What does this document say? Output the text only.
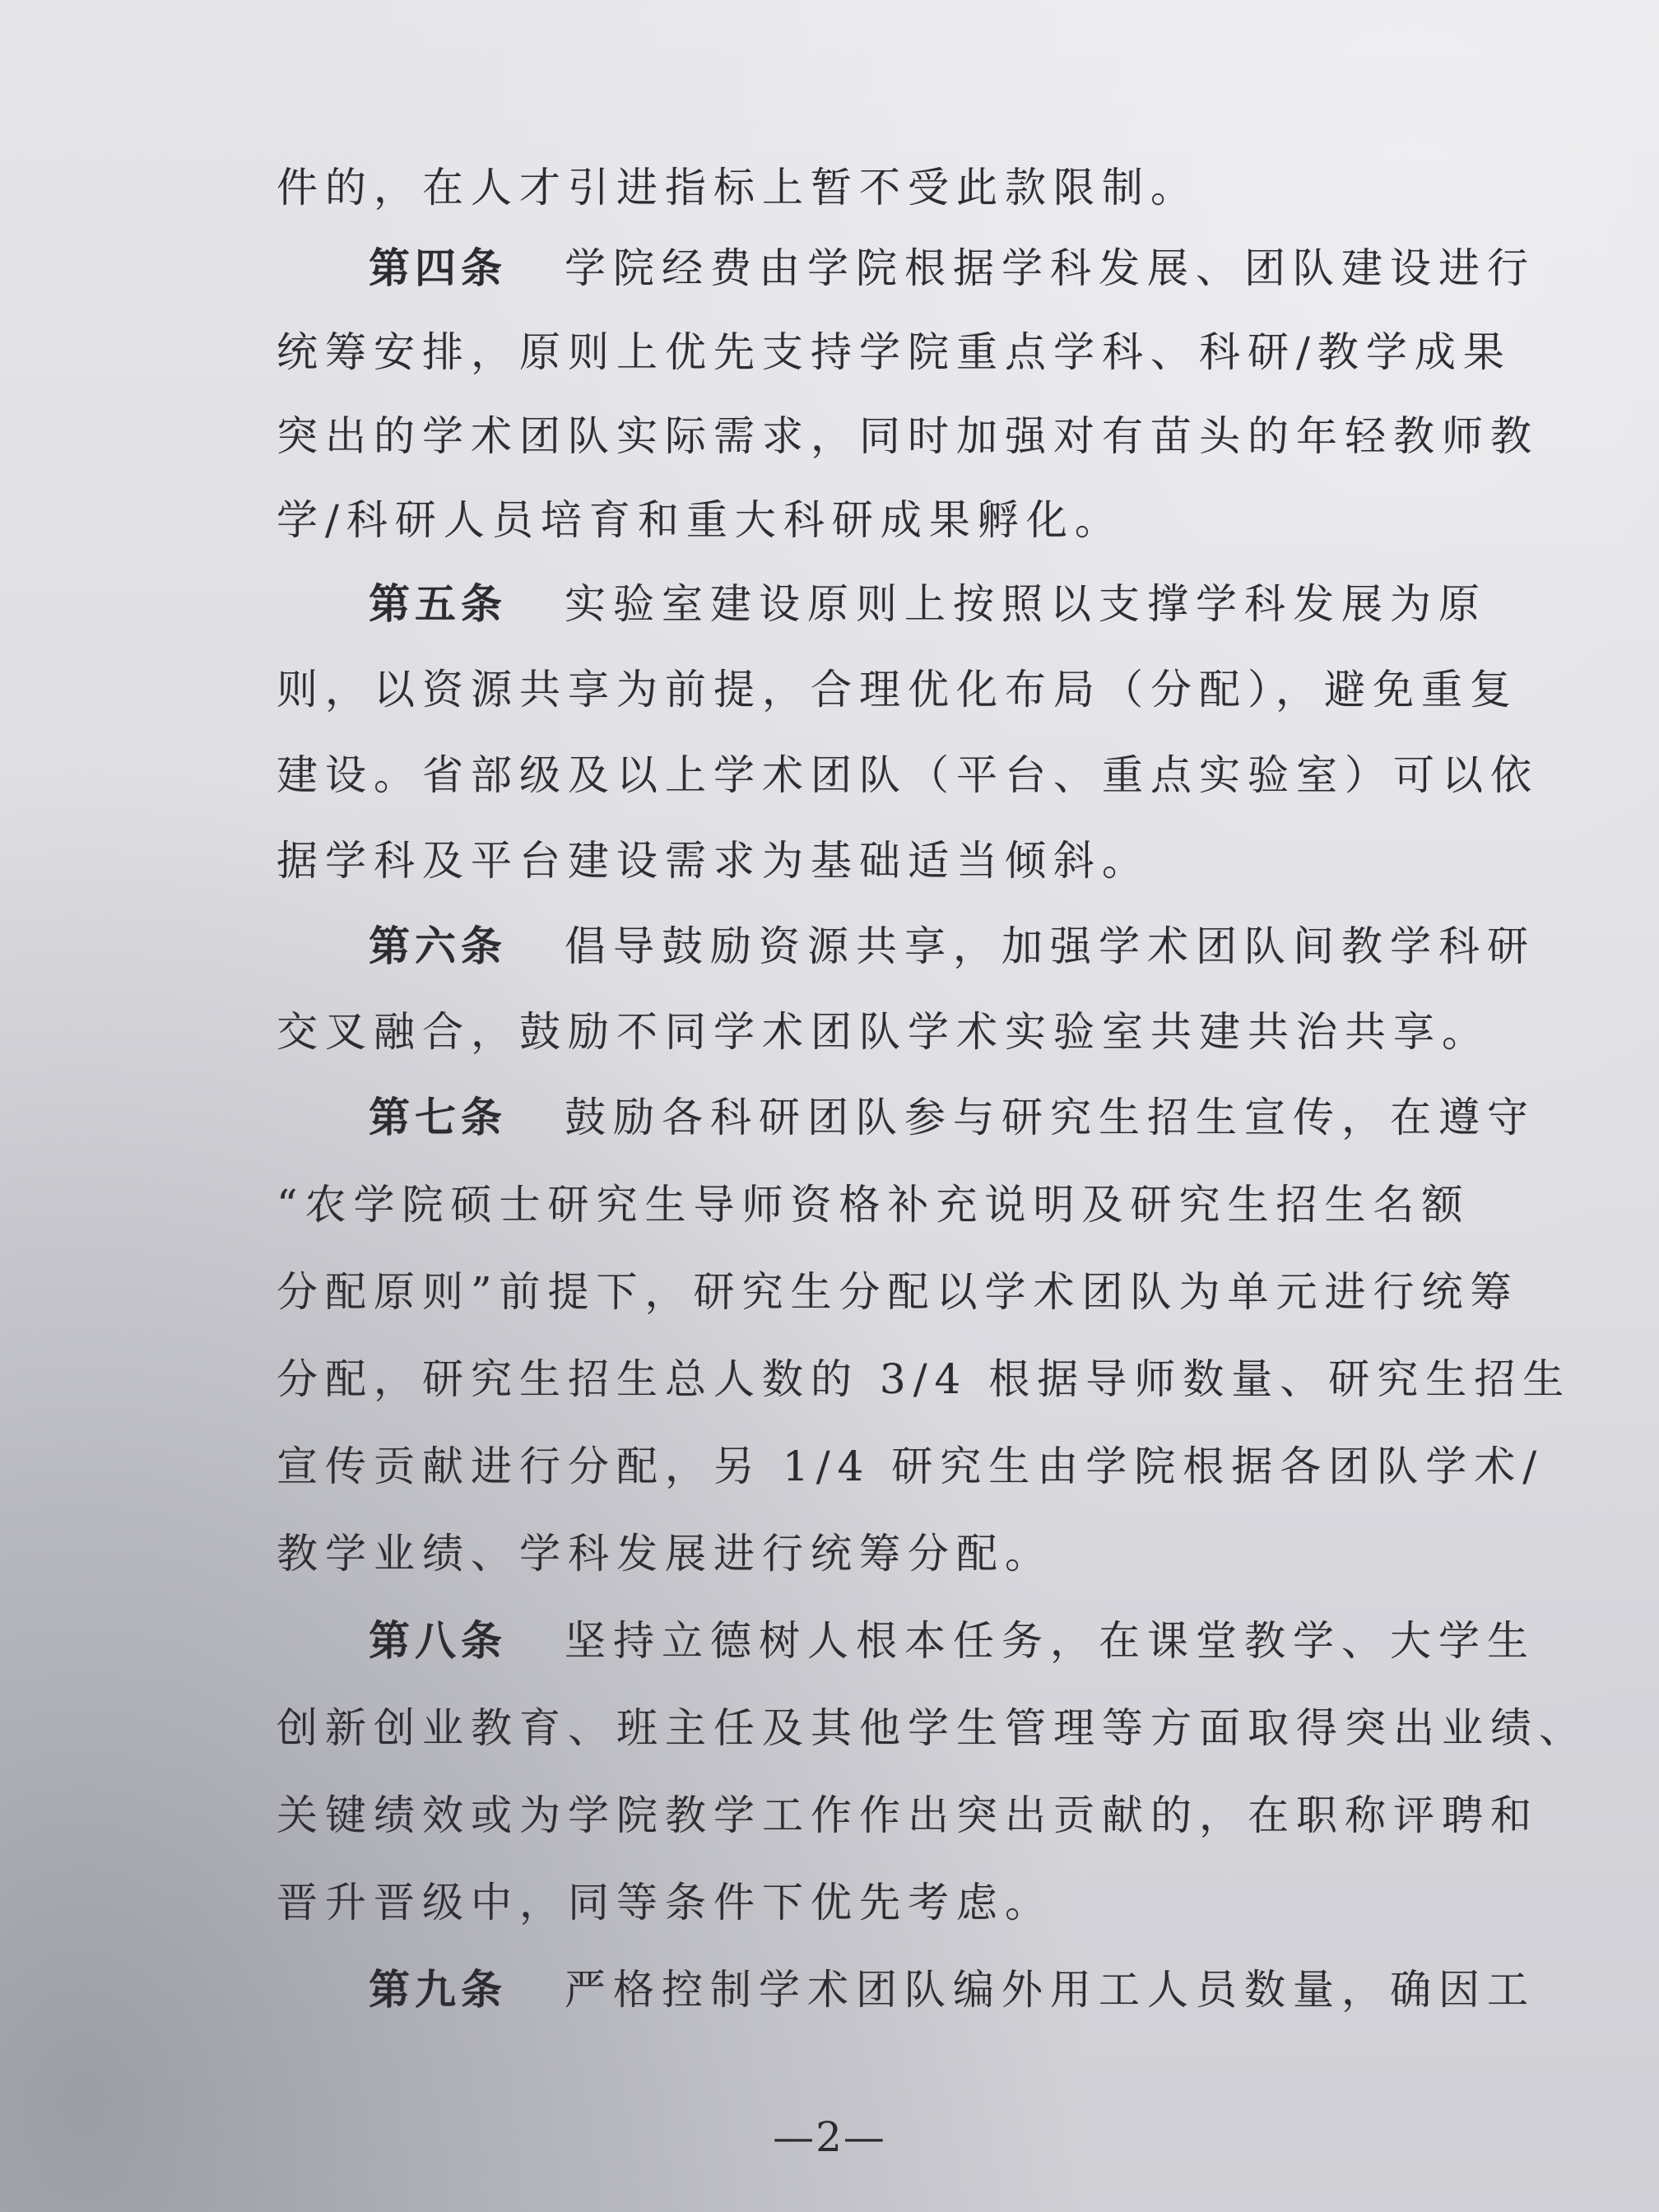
件的，在人才引进指标上暂不受此款限制。
第四条 学院经费由学院根据学科发展、团队建设进行
统筹安排，原则上优先支持学院重点学科、科研/教学成果
突出的学术团队实际需求，同时加强对有苗头的年轻教师教
学/科研人员培育和重大科研成果孵化。
第五条 实验室建设原则上按照以支撑学科发展为原
则，以资源共享为前提，合理优化布局（分配），避免重复
建设。省部级及以上学术团队（平台、重点实验室）可以依
据学科及平台建设需求为基础适当倾斜。
第六条 倡导鼓励资源共享，加强学术团队间教学科研
交叉融合，鼓励不同学术团队学术实验室共建共治共享。
第七条 鼓励各科研团队参与研究生招生宣传，在遵守
“农学院硕士研究生导师资格补充说明及研究生招生名额
分配原则”前提下，研究生分配以学术团队为单元进行统筹
分配，研究生招生总人数的 3/4 根据导师数量、研究生招生
宣传贡献进行分配，另 1/4 研究生由学院根据各团队学术/
教学业绩、学科发展进行统筹分配。
第八条 坚持立德树人根本任务，在课堂教学、大学生
创新创业教育、班主任及其他学生管理等方面取得突出业绩、
关键绩效或为学院教学工作作出突出贡献的，在职称评聘和
晋升晋级中，同等条件下优先考虑。
第九条 严格控制学术团队编外用工人员数量，确因工
—2—
